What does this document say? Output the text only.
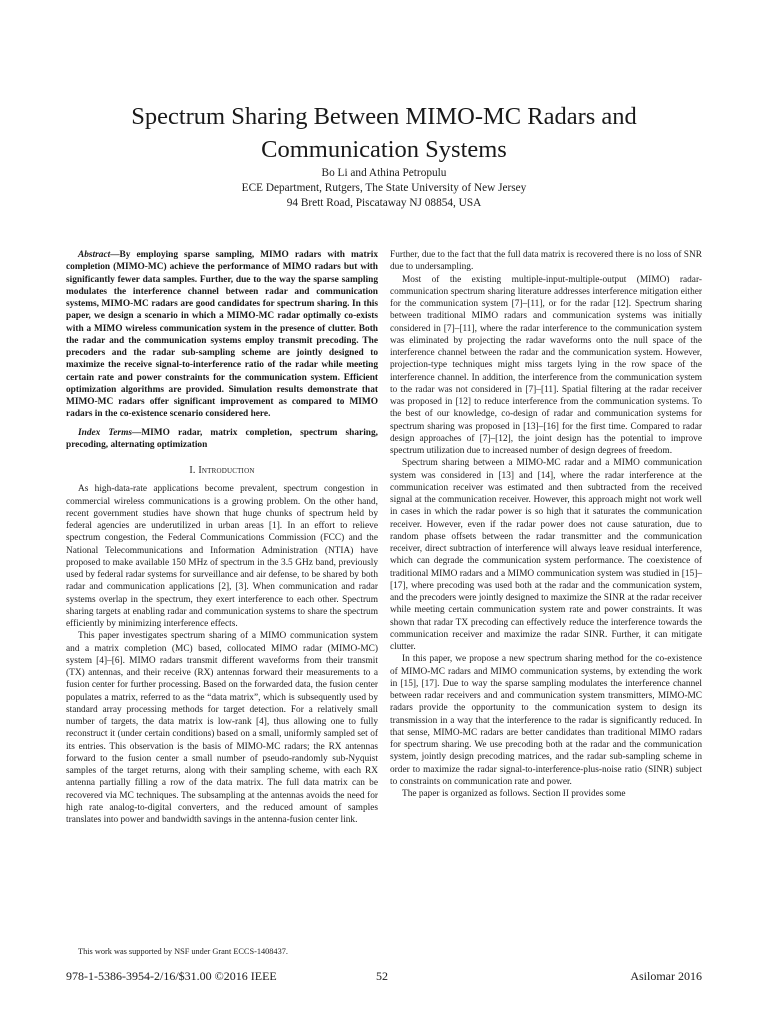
Spectrum Sharing Between MIMO-MC Radars and
Communication Systems
Bo Li and Athina Petropulu
ECE Department, Rutgers, The State University of New Jersey
94 Brett Road, Piscataway NJ 08854, USA

Abstract—By employing sparse sampling, MIMO radars with matrix completion (MIMO-MC) achieve the performance of MIMO radars but with significantly fewer data samples. Further, due to the way the sparse sampling modulates the interference channel between radar and communication systems, MIMO-MC radars are good candidates for spectrum sharing. In this paper, we design a scenario in which a MIMO-MC radar optimally co-exists with a MIMO wireless communication system in the presence of clutter. Both the radar and the communication systems employ transmit precoding. The precoders and the radar sub-sampling scheme are jointly designed to maximize the receive signal-to-interference ratio of the radar while meeting certain rate and power constraints for the communication system. Efficient optimization algorithms are provided. Simulation results demonstrate that MIMO-MC radars offer significant improvement as compared to MIMO radars in the co-existence scenario considered here.

Index Terms—MIMO radar, matrix completion, spectrum sharing, precoding, alternating optimization

I. Introduction

As high-data-rate applications become prevalent, spectrum congestion in commercial wireless communications is a growing problem. On the other hand, recent government studies have shown that huge chunks of spectrum held by federal agencies are underutilized in urban areas [1]. In an effort to relieve spectrum congestion, the Federal Communications Commission (FCC) and the National Telecommunications and Information Administration (NTIA) have proposed to make available 150 MHz of spectrum in the 3.5 GHz band, previously used by federal radar systems for surveillance and air defense, to be shared by both radar and communication applications [2], [3]. When communication and radar systems overlap in the spectrum, they exert interference to each other. Spectrum sharing targets at enabling radar and communication systems to share the spectrum efficiently by minimizing interference effects.

This paper investigates spectrum sharing of a MIMO communication system and a matrix completion (MC) based, collocated MIMO radar (MIMO-MC) system [4]–[6]. MIMO radars transmit different waveforms from their transmit (TX) antennas, and their receive (RX) antennas forward their measurements to a fusion center for further processing. Based on the forwarded data, the fusion center populates a matrix, referred to as the “data matrix”, which is subsequently used by standard array processing methods for target detection. For a relatively small number of targets, the data matrix is low-rank [4], thus allowing one to fully reconstruct it (under certain conditions) based on a small, uniformly sampled set of its entries. This observation is the basis of MIMO-MC radars; the RX antennas forward to the fusion center a small number of pseudo-randomly sub-Nyquist samples of the target returns, along with their sampling scheme, with each RX antenna partially filling a row of the data matrix. The full data matrix can be recovered via MC techniques. The subsampling at the antennas avoids the need for high rate analog-to-digital converters, and the reduced amount of samples translates into power and bandwidth savings in the antenna-fusion center link.

Further, due to the fact that the full data matrix is recovered there is no loss of SNR due to undersampling.

Most of the existing multiple-input-multiple-output (MIMO) radar-communication spectrum sharing literature addresses interference mitigation either for the communication system [7]–[11], or for the radar [12]. Spectrum sharing between traditional MIMO radars and communication systems was initially considered in [7]–[11], where the radar interference to the communication system was eliminated by projecting the radar waveforms onto the null space of the interference channel between the radar and the communication system. However, projection-type techniques might miss targets lying in the row space of the interference channel. In addition, the interference from the communication system to the radar was not considered in [7]–[11]. Spatial filtering at the radar receiver was proposed in [12] to reduce interference from the communication systems. To the best of our knowledge, co-design of radar and communication systems for spectrum sharing was proposed in [13]–[16] for the first time. Compared to radar design approaches of [7]–[12], the joint design has the potential to improve spectrum utilization due to increased number of design degrees of freedom.

Spectrum sharing between a MIMO-MC radar and a MIMO communication system was considered in [13] and [14], where the radar interference at the communication receiver was estimated and then subtracted from the received signal at the communication receiver. However, this approach might not work well in cases in which the radar power is so high that it saturates the communication receiver. However, even if the radar power does not cause saturation, due to random phase offsets between the radar transmitter and the communication receiver, direct subtraction of interference will always leave residual interference, which can degrade the communication system performance. The coexistence of traditional MIMO radars and a MIMO communication system was studied in [15]–[17], where precoding was used both at the radar and the communication system, and the precoders were jointly designed to maximize the SINR at the radar receiver while meeting certain communication system rate and power constraints. It was shown that radar TX precoding can effectively reduce the interference towards the communication receiver and maximize the radar SINR. Further, it can mitigate clutter.

In this paper, we propose a new spectrum sharing method for the co-existence of MIMO-MC radars and MIMO communication systems, by extending the work in [15], [17]. Due to way the sparse sampling modulates the interference channel between radar receivers and and communication system transmitters, MIMO-MC radars provide the opportunity to the communication system to design its transmission in a way that the interference to the radar is significantly reduced. In that sense, MIMO-MC radars are better candidates than traditional MIMO radars for spectrum sharing. We use precoding both at the radar and the communication system, jointly design precoding matrices, and the radar sub-sampling scheme in order to maximize the radar signal-to-interference-plus-noise ratio (SINR) subject to constraints on communication rate and power.

The paper is organized as follows. Section II provides some

This work was supported by NSF under Grant ECCS-1408437.
978-1-5386-3954-2/16/$31.00 ©2016 IEEE	52	Asilomar 2016
